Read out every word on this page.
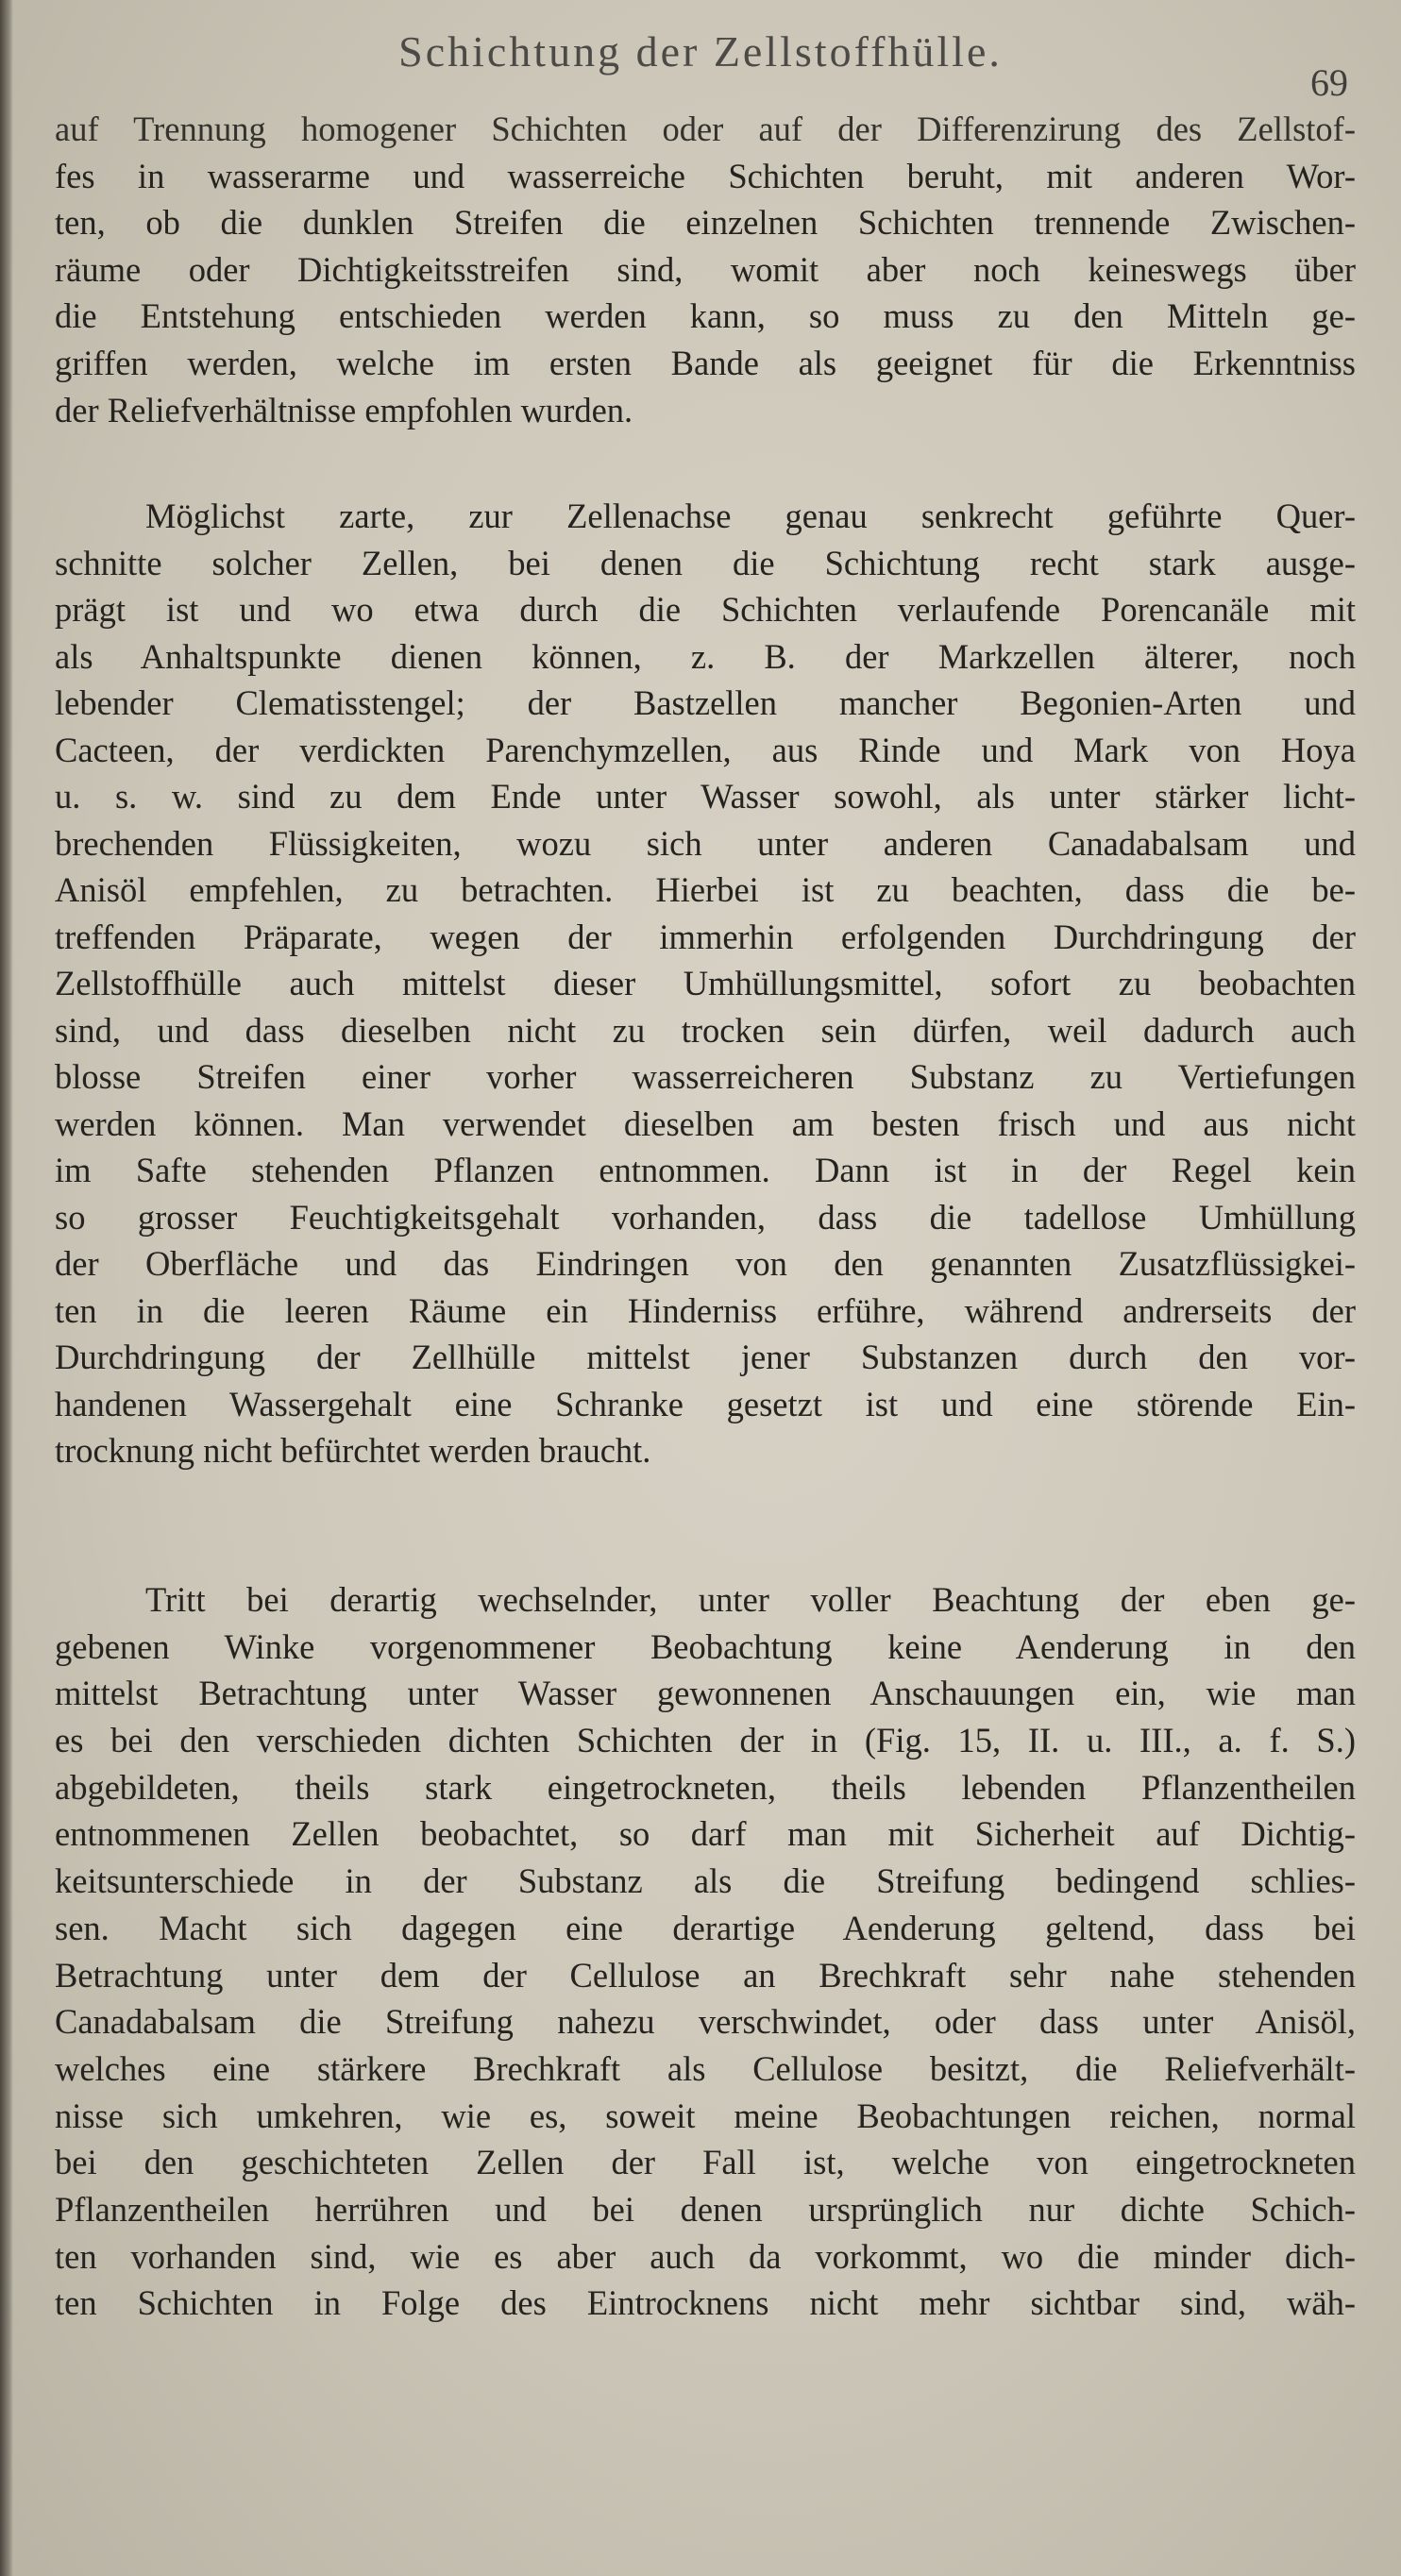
Schichtung der Zellstoffhülle.
69
auf Trennung homogener Schichten oder auf der Differenzirung des Zellstof-
fes in wasserarme und wasserreiche Schichten beruht, mit anderen Wor-
ten, ob die dunklen Streifen die einzelnen Schichten trennende Zwischen-
räume oder Dichtigkeitsstreifen sind, womit aber noch keineswegs über
die Entstehung entschieden werden kann, so muss zu den Mitteln ge-
griffen werden, welche im ersten Bande als geeignet für die Erkenntniss
der Reliefverhältnisse empfohlen wurden.
Möglichst zarte, zur Zellenachse genau senkrecht geführte Quer-
schnitte solcher Zellen, bei denen die Schichtung recht stark ausge-
prägt ist und wo etwa durch die Schichten verlaufende Porencanäle mit
als Anhaltspunkte dienen können, z. B. der Markzellen älterer, noch
lebender Clematisstengel; der Bastzellen mancher Begonien-Arten und
Cacteen, der verdickten Parenchymzellen, aus Rinde und Mark von Hoya
u. s. w. sind zu dem Ende unter Wasser sowohl, als unter stärker licht-
brechenden Flüssigkeiten, wozu sich unter anderen Canadabalsam und
Anisöl empfehlen, zu betrachten. Hierbei ist zu beachten, dass die be-
treffenden Präparate, wegen der immerhin erfolgenden Durchdringung der
Zellstoffhülle auch mittelst dieser Umhüllungsmittel, sofort zu beobachten
sind, und dass dieselben nicht zu trocken sein dürfen, weil dadurch auch
blosse Streifen einer vorher wasserreicheren Substanz zu Vertiefungen
werden können. Man verwendet dieselben am besten frisch und aus nicht
im Safte stehenden Pflanzen entnommen. Dann ist in der Regel kein
so grosser Feuchtigkeitsgehalt vorhanden, dass die tadellose Umhüllung
der Oberfläche und das Eindringen von den genannten Zusatzflüssigkei-
ten in die leeren Räume ein Hinderniss erführe, während andrerseits der
Durchdringung der Zellhülle mittelst jener Substanzen durch den vor-
handenen Wassergehalt eine Schranke gesetzt ist und eine störende Ein-
trocknung nicht befürchtet werden braucht.
Tritt bei derartig wechselnder, unter voller Beachtung der eben ge-
gebenen Winke vorgenommener Beobachtung keine Aenderung in den
mittelst Betrachtung unter Wasser gewonnenen Anschauungen ein, wie man
es bei den verschieden dichten Schichten der in (Fig. 15, II. u. III., a. f. S.)
abgebildeten, theils stark eingetrockneten, theils lebenden Pflanzentheilen
entnommenen Zellen beobachtet, so darf man mit Sicherheit auf Dichtig-
keitsunterschiede in der Substanz als die Streifung bedingend schlies-
sen. Macht sich dagegen eine derartige Aenderung geltend, dass bei
Betrachtung unter dem der Cellulose an Brechkraft sehr nahe stehenden
Canadabalsam die Streifung nahezu verschwindet, oder dass unter Anisöl,
welches eine stärkere Brechkraft als Cellulose besitzt, die Reliefverhält-
nisse sich umkehren, wie es, soweit meine Beobachtungen reichen, normal
bei den geschichteten Zellen der Fall ist, welche von eingetrockneten
Pflanzentheilen herrühren und bei denen ursprünglich nur dichte Schich-
ten vorhanden sind, wie es aber auch da vorkommt, wo die minder dich-
ten Schichten in Folge des Eintrocknens nicht mehr sichtbar sind, wäh-
